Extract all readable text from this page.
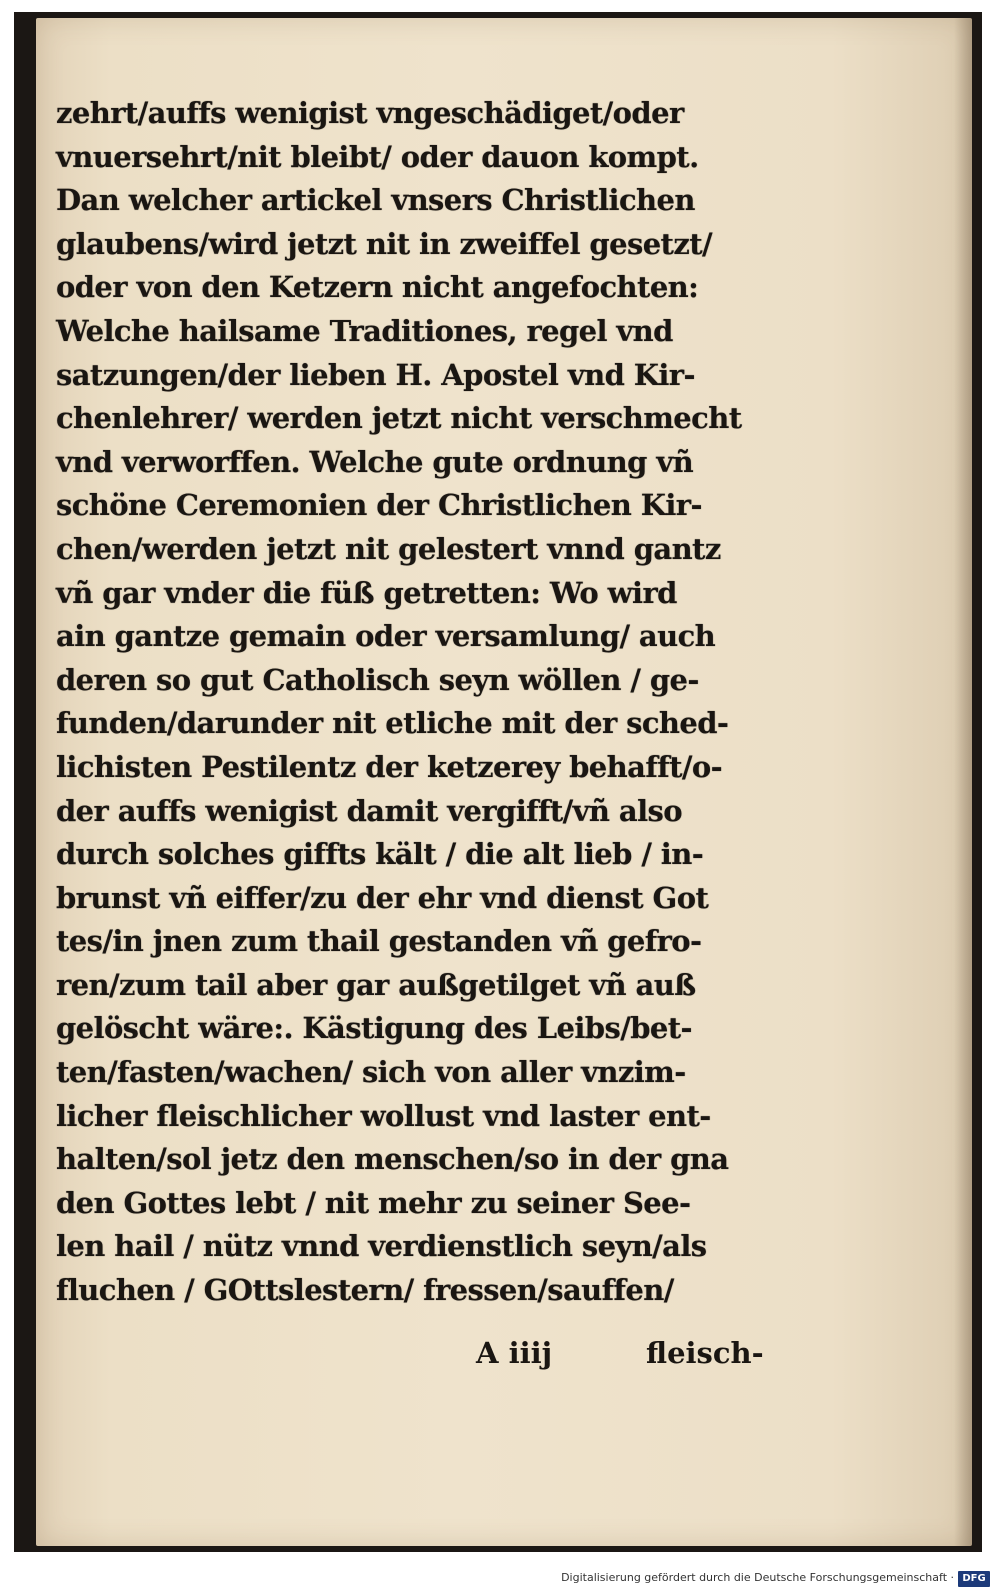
zehrt/auffs wenigist vngeschädiget/oder
vnuersehrt/nit bleibt/ oder dauon kompt.
Dan welcher artickel vnsers Christlichen
glaubens/wird jetzt nit in zweiffel gesetzt/
oder von den Ketzern nicht angefochten:
Welche hailsame Traditiones, regel vnd
satzungen/der lieben H. Apostel vnd Kir-
chenlehrer/ werden jetzt nicht verschmecht
vnd verworffen. Welche gute ordnung vñ
schöne Ceremonien der Christlichen Kir-
chen/werden jetzt nit gelestert vnnd gantz
vñ gar vnder die füß getretten: Wo wird
ain gantze gemain oder versamlung/ auch
deren so gut Catholisch seyn wöllen / ge-
funden/darunder nit etliche mit der sched-
lichisten Pestilentz der ketzerey behafft/o-
der auffs wenigist damit vergifft/vñ also
durch solches giffts kält / die alt lieb / in-
brunst vñ eiffer/zu der ehr vnd dienst Got
tes/in jnen zum thail gestanden vñ gefro-
ren/zum tail aber gar außgetilget vñ auß
gelöscht wäre:. Kästigung des Leibs/bet-
ten/fasten/wachen/ sich von aller vnzim-
licher fleischlicher wollust vnd laster ent-
halten/sol jetz den menschen/so in der gna
den Gottes lebt / nit mehr zu seiner See-
len hail / nütz vnnd verdienstlich seyn/als
fluchen / GOttslestern/ fressen/sauffen/
A iiij	fleisch-
Digitalisierung gefördert durch die Deutsche Forschungsgemeinschaft · DFG
